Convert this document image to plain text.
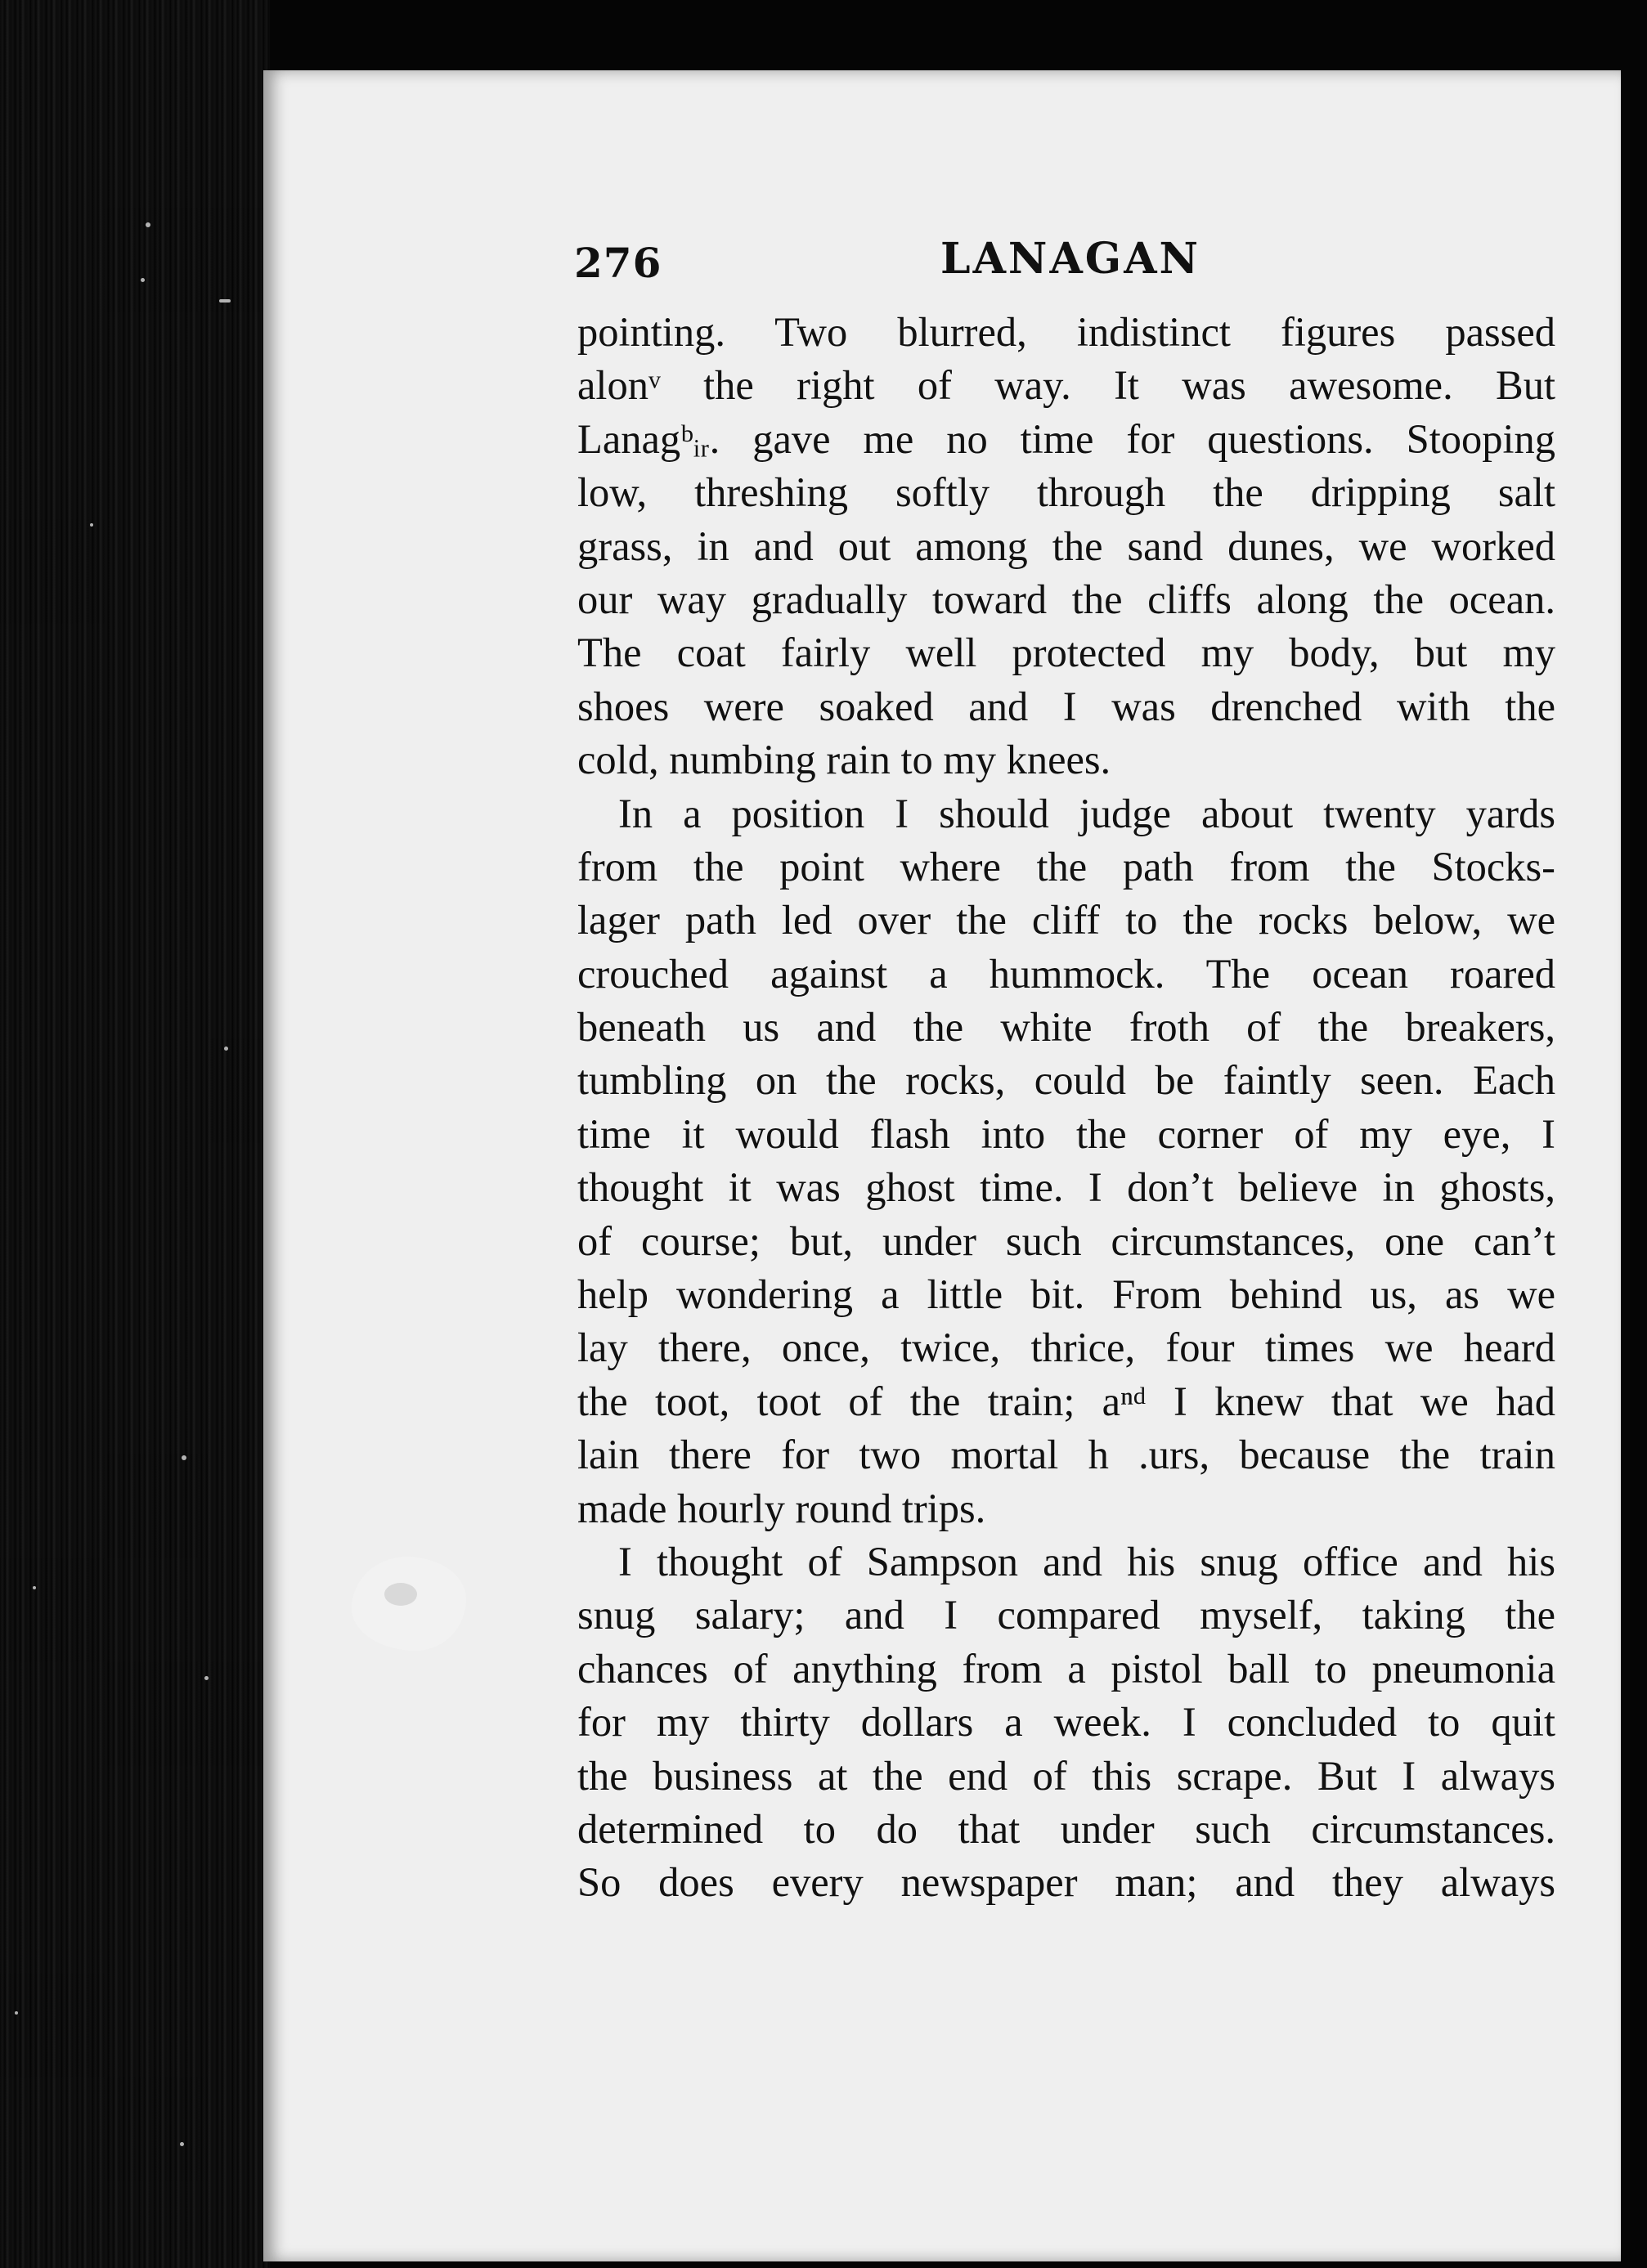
276	LANAGAN
pointing. Two blurred, indistinct figures passed
alonᵛ the right of way. It was awesome. But
Lanagᵇᵢᵣ. gave me no time for questions. Stooping
low, threshing softly through the dripping salt
grass, in and out among the sand dunes, we worked
our way gradually toward the cliffs along the ocean.
The coat fairly well protected my body, but my
shoes were soaked and I was drenched with the
cold, numbing rain to my knees.
In a position I should judge about twenty yards
from the point where the path from the Stocks-
lager path led over the cliff to the rocks below, we
crouched against a hummock. The ocean roared
beneath us and the white froth of the breakers,
tumbling on the rocks, could be faintly seen. Each
time it would flash into the corner of my eye, I
thought it was ghost time. I don’t believe in ghosts,
of course; but, under such circumstances, one can’t
help wondering a little bit. From behind us, as we
lay there, once, twice, thrice, four times we heard
the toot, toot of the train; aⁿᵈ I knew that we had
lain there for two mortal h .urs, because the train
made hourly round trips.
I thought of Sampson and his snug office and his
snug salary; and I compared myself, taking the
chances of anything from a pistol ball to pneumonia
for my thirty dollars a week. I concluded to quit
the business at the end of this scrape. But I always
determined to do that under such circumstances.
So does every newspaper man; and they always
